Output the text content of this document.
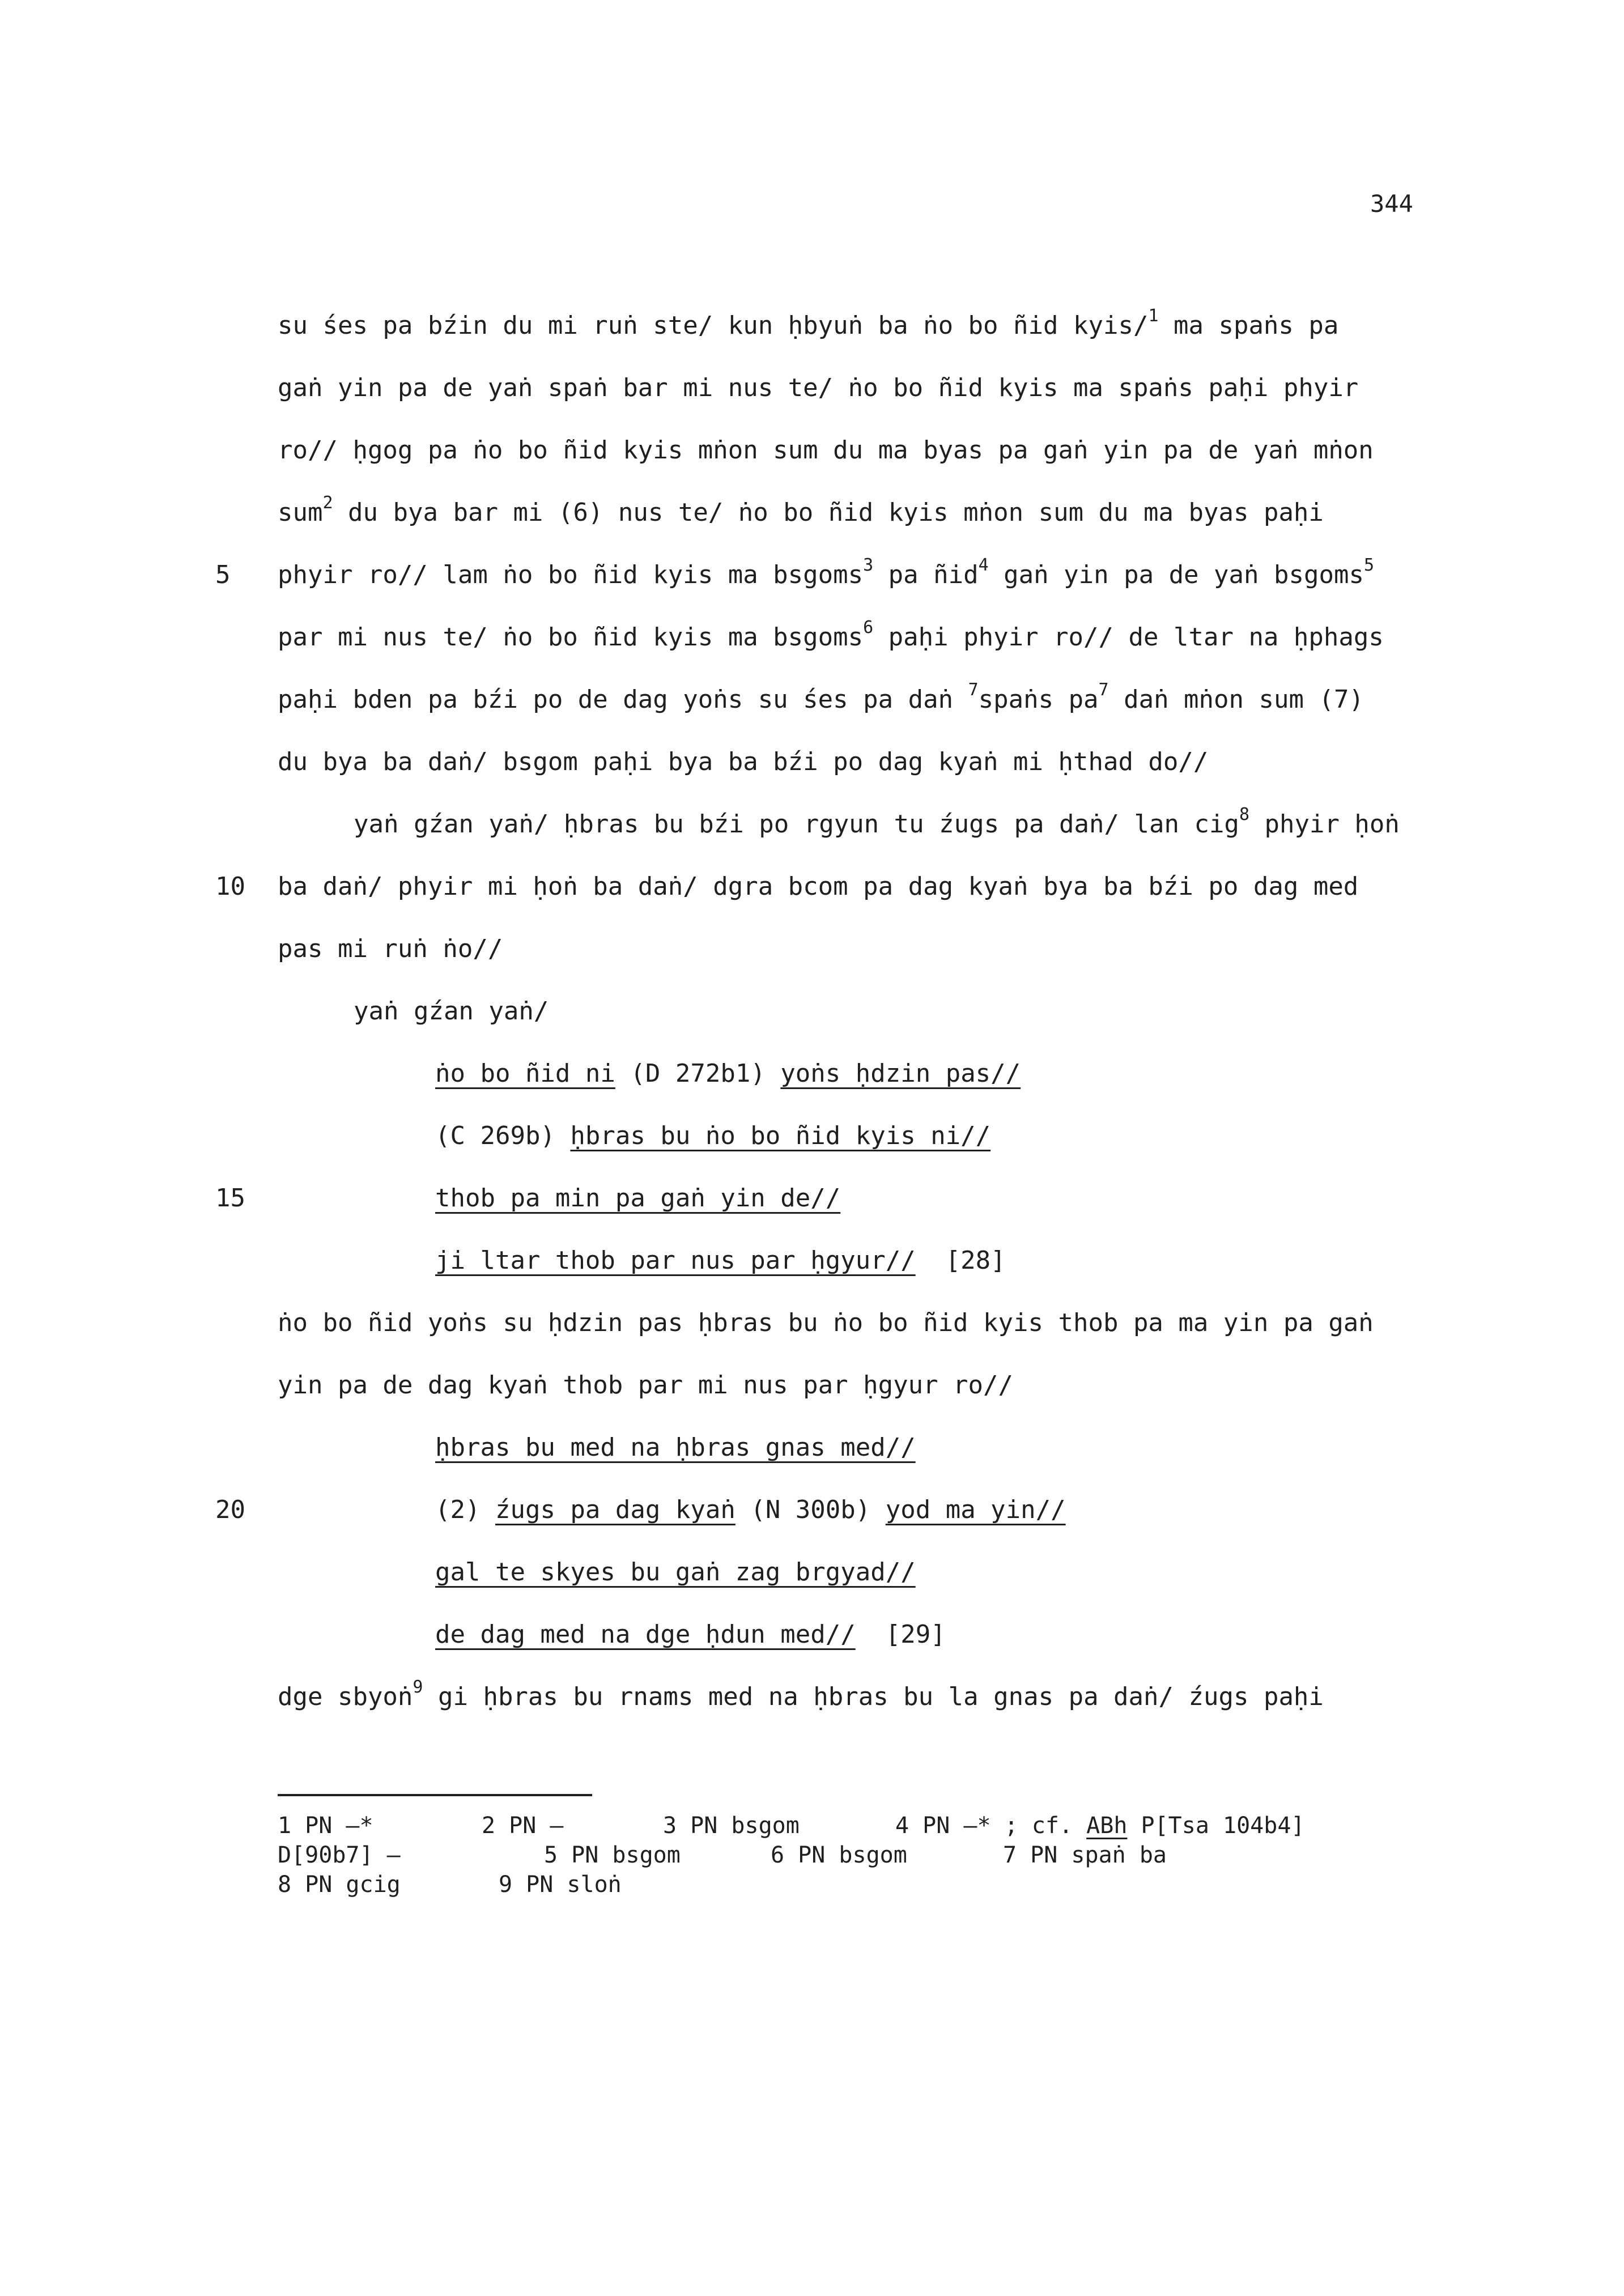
344
su śes pa bźin du mi ruṅ ste/ kun ḥbyuṅ ba ṅo bo ñid kyis/$^1$ ma spaṅs pa
gaṅ yin pa de yaṅ spaṅ bar mi nus te/ ṅo bo ñid kyis ma spaṅs paḥi phyir
ro// ḥgog pa ṅo bo ñid kyis mṅon sum du ma byas pa gaṅ yin pa de yaṅ mṅon
sum$^2$ du bya bar mi (6) nus te/ ṅo bo ñid kyis mṅon sum du ma byas paḥi
5 phyir ro// lam ṅo bo ñid kyis ma bsgoms$^3$ pa ñid$^4$ gaṅ yin pa de yaṅ bsgoms$^5$
par mi nus te/ ṅo bo ñid kyis ma bsgoms$^6$ paḥi phyir ro// de ltar na ḥphags
paḥi bden pa bźi po de dag yoṅs su śes pa daṅ $^7$spaṅs $pa^7$ daṅ mṅon sum (7)
du bya ba daṅ/ bsgom paḥi bya ba bźi po dag kyaṅ mi ḥthad do//
yaṅ gźan yaṅ/ ḥbras bu bźi po rgyun tu źugs pa daṅ/ lan cig$^8$ phyir ḥoṅ
10 ba daṅ/ phyir mi ḥoṅ ba daṅ/ dgra bcom pa dag kyaṅ bya ba bźi po dag med
pas mi ruṅ ṅo//
yaṅ gźan yaṅ/
ṅo bo ñid ni (D 272b1) yoṅs ḥdzin pas//
(C 269b) ḥbras bu ṅo bo ñid kyis ni//
15	thob pa min pa gaṅ yin de//
ji ltar thob par nus par ḥgyur// [28]
ṅo bo ñid yoṅs su ḥdzin pas ḥbras bu ṅo bo ñid kyis thob pa ma yin pa gaṅ
yin pa de dag kyaṅ thob par mi nus par ḥgyur ro//
ḥbras bu med na ḥbras gnas med//
20	(2) źugs pa dag kyaṅ (N 300b) yod ma yin//
gal te skyes bu gaṅ zag brgyad//
de dag med na dge ḥdun med// [29]
dge sbyoṅ$^9$ gi ḥbras bu rnams med na ḥbras bu la gnas pa daṅ/ źugs paḥi
1 PN —*	2 PN —	3 PN bsgom	4 PN —* ; cf. ABh P[Tsa 104b4]
D[90b7] —	5 PN bsgom	6 PN bsgom	7 PN spaṅ ba
8 PN gcig	9 PN sloṅ
